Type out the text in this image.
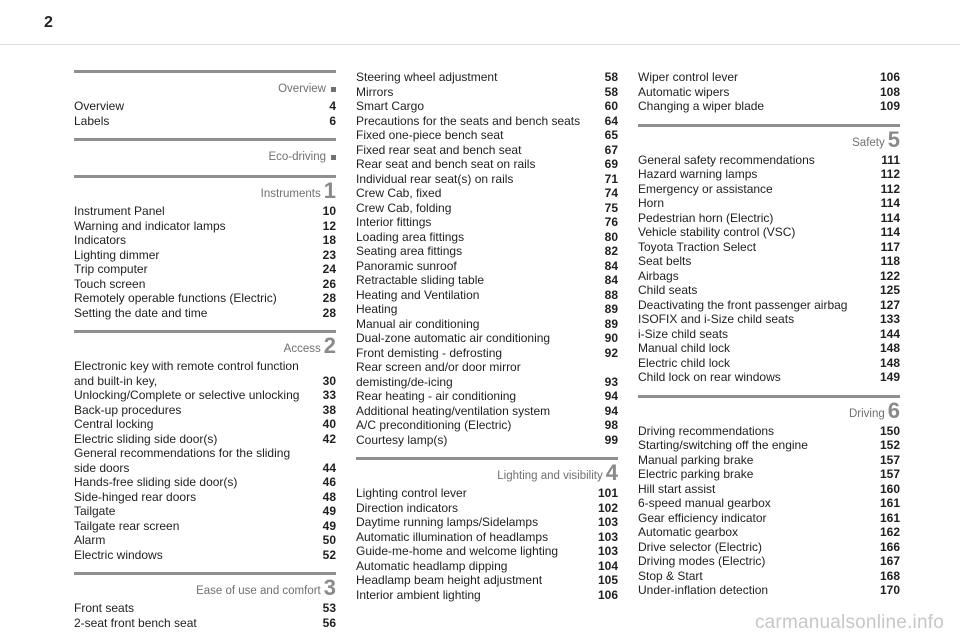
2
Overview
Overview	4
Labels	6
Eco-driving
Instruments 1
Instrument Panel	10
Warning and indicator lamps	12
Indicators	18
Lighting dimmer	23
Trip computer	24
Touch screen	26
Remotely operable functions (Electric)	28
Setting the date and time	28
Access 2
Electronic key with remote control function and built-in key,	30
Unlocking/Complete or selective unlocking	33
Back-up procedures	38
Central locking	40
Electric sliding side door(s)	42
General recommendations for the sliding side doors	44
Hands-free sliding side door(s)	46
Side-hinged rear doors	48
Tailgate	49
Tailgate rear screen	49
Alarm	50
Electric windows	52
Ease of use and comfort 3
Front seats	53
2-seat front bench seat	56
Steering wheel adjustment	58
Mirrors	58
Smart Cargo	60
Precautions for the seats and bench seats	64
Fixed one-piece bench seat	65
Fixed rear seat and bench seat	67
Rear seat and bench seat on rails	69
Individual rear seat(s) on rails	71
Crew Cab, fixed	74
Crew Cab, folding	75
Interior fittings	76
Loading area fittings	80
Seating area fittings	82
Panoramic sunroof	84
Retractable sliding table	84
Heating and Ventilation	88
Heating	89
Manual air conditioning	89
Dual-zone automatic air conditioning	90
Front demisting - defrosting	92
Rear screen and/or door mirror demisting/de-icing	93
Rear heating - air conditioning	94
Additional heating/ventilation system	94
A/C preconditioning (Electric)	98
Courtesy lamp(s)	99
Lighting and visibility 4
Lighting control lever	101
Direction indicators	102
Daytime running lamps/Sidelamps	103
Automatic illumination of headlamps	103
Guide-me-home and welcome lighting	103
Automatic headlamp dipping	104
Headlamp beam height adjustment	105
Interior ambient lighting	106
Wiper control lever	106
Automatic wipers	108
Changing a wiper blade	109
Safety 5
General safety recommendations	111
Hazard warning lamps	112
Emergency or assistance	112
Horn	114
Pedestrian horn (Electric)	114
Vehicle stability control (VSC)	114
Toyota Traction Select	117
Seat belts	118
Airbags	122
Child seats	125
Deactivating the front passenger airbag	127
ISOFIX and i-Size child seats	133
i-Size child seats	144
Manual child lock	148
Electric child lock	148
Child lock on rear windows	149
Driving 6
Driving recommendations	150
Starting/switching off the engine	152
Manual parking brake	157
Electric parking brake	157
Hill start assist	160
6-speed manual gearbox	161
Gear efficiency indicator	161
Automatic gearbox	162
Drive selector (Electric)	166
Driving modes (Electric)	167
Stop & Start	168
Under-inflation detection	170
carmanualsonline.info
